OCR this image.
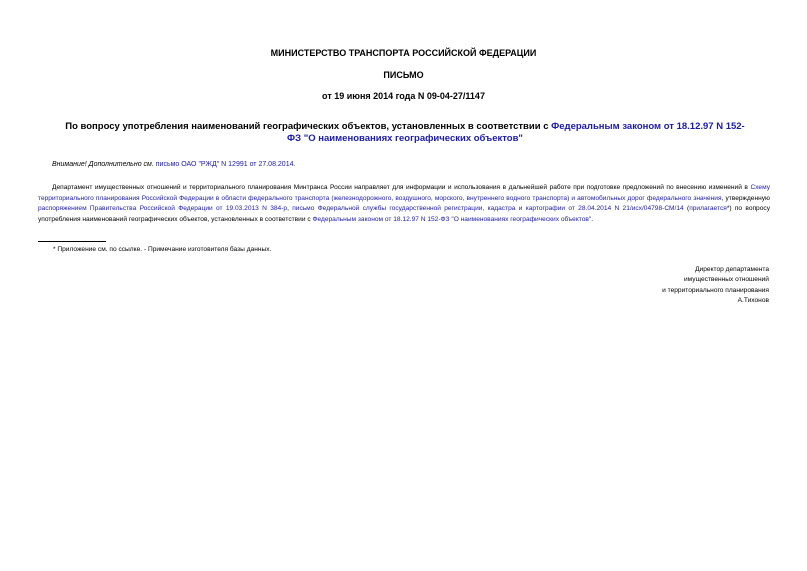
МИНИСТЕРСТВО ТРАНСПОРТА РОССИЙСКОЙ ФЕДЕРАЦИИ
ПИСЬМО
от 19 июня 2014 года N 09-04-27/1147
По вопросу употребления наименований географических объектов, установленных в соответствии с Федеральным законом от 18.12.97 N 152-ФЗ "О наименованиях географических объектов"
Внимание! Дополнительно см. письмо ОАО "РЖД" N 12991 от 27.08.2014.
Департамент имущественных отношений и территориального планирования Минтранса России направляет для информации и использования в дальнейшей работе при подготовке предложений по внесению изменений в Схему территориального планирования Российской Федерации в области федерального транспорта (железнодорожного, воздушного, морского, внутреннего водного транспорта) и автомобильных дорог федерального значения, утвержденную распоряжением Правительства Российской Федерации от 19.03.2013 N 384-р, письмо Федеральной службы государственной регистрации, кадастра и картографии от 28.04.2014 N 21/исх/04798-СМ/14 (прилагается*) по вопросу употребления наименований географических объектов, установленных в соответствии с Федеральным законом от 18.12.97 N 152-ФЗ "О наименованиях географических объектов".
* Приложение см. по ссылке. - Примечание изготовителя базы данных.
Директор департамента
имущественных отношений
и территориального планирования
А.Тихонов
